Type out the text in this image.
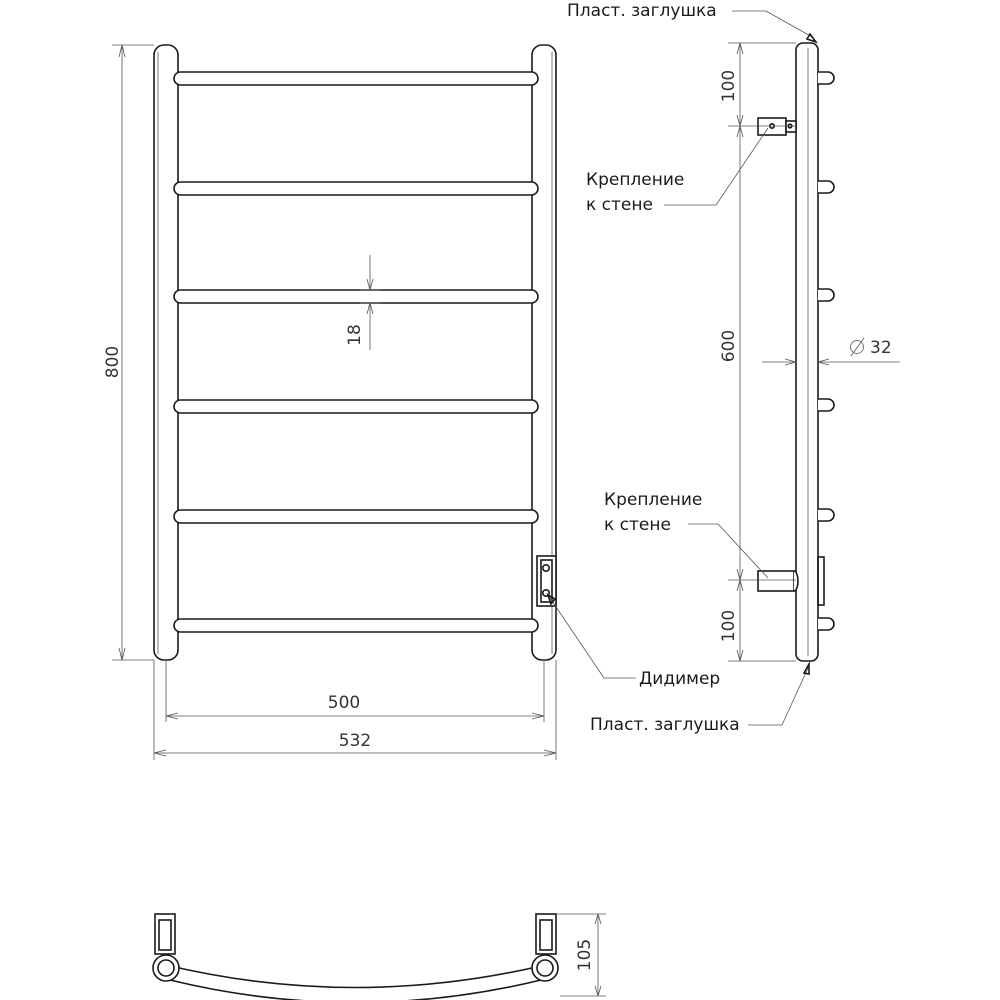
800
18
500
532
Дидимер
100
600
100
32
Пласт. заглушка
Пласт. заглушка
Крепление
к стене
Крепление
к стене
105
